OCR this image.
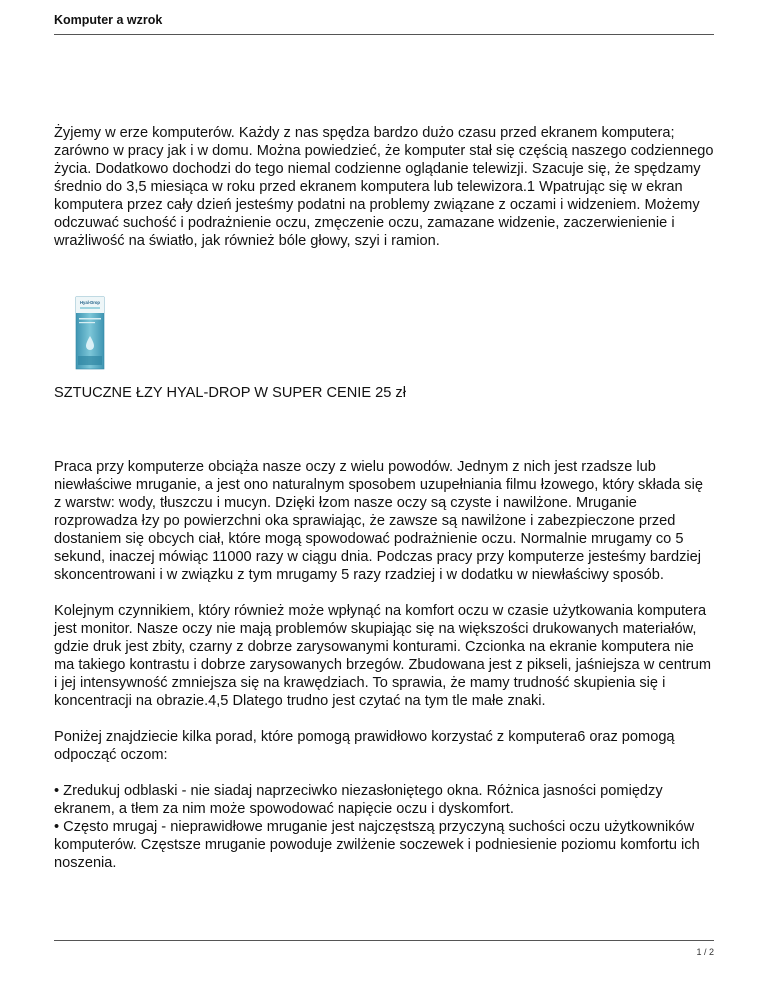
Komputer a wzrok

Żyjemy w erze komputerów. Każdy z nas spędza bardzo dużo czasu przed ekranem komputera; zarówno w pracy jak i w domu. Można powiedzieć, że komputer stał się częścią naszego codziennego życia. Dodatkowo dochodzi do tego niemal codzienne oglądanie telewizji. Szacuje się, że spędzamy średnio do 3,5 miesiąca w roku przed ekranem komputera lub telewizora.1 Wpatrując się w ekran komputera przez cały dzień jesteśmy podatni na problemy związane z oczami i widzeniem. Możemy odczuwać suchość i podrażnienie oczu, zmęczenie oczu, zamazane widzenie, zaczerwienienie i wrażliwość na światło, jak również bóle głowy, szyi i ramion.

Hyal-Drop

SZTUCZNE ŁZY HYAL-DROP W SUPER CENIE 25 zł

Praca przy komputerze obciąża nasze oczy z wielu powodów. Jednym z nich jest rzadsze lub niewłaściwe mruganie, a jest ono naturalnym sposobem uzupełniania filmu łzowego, który składa się z warstw: wody, tłuszczu i mucyn. Dzięki łzom nasze oczy są czyste i nawilżone. Mruganie rozprowadza łzy po powierzchni oka sprawiając, że zawsze są nawilżone i zabezpieczone przed dostaniem się obcych ciał, które mogą spowodować podrażnienie oczu. Normalnie mrugamy co 5 sekund, inaczej mówiąc 11000 razy w ciągu dnia. Podczas pracy przy komputerze jesteśmy bardziej skoncentrowani i w związku z tym mrugamy 5 razy rzadziej i w dodatku w niewłaściwy sposób.

Kolejnym czynnikiem, który również może wpłynąć na komfort oczu w czasie użytkowania komputera jest monitor. Nasze oczy nie mają problemów skupiając się na większości drukowanych materiałów, gdzie druk jest zbity, czarny z dobrze zarysowanymi konturami. Czcionka na ekranie komputera nie ma takiego kontrastu i dobrze zarysowanych brzegów. Zbudowana jest z pikseli, jaśniejsza w centrum i jej intensywność zmniejsza się na krawędziach. To sprawia, że mamy trudność skupienia się i koncentracji na obrazie.4,5 Dlatego trudno jest czytać na tym tle małe znaki.

Poniżej znajdziecie kilka porad, które pomogą prawidłowo korzystać z komputera6 oraz pomogą odpocząć oczom:

• Zredukuj odblaski - nie siadaj naprzeciwko niezasłoniętego okna. Różnica jasności pomiędzy ekranem, a tłem za nim może spowodować napięcie oczu i dyskomfort.

• Często mrugaj - nieprawidłowe mruganie jest najczęstszą przyczyną suchości oczu użytkowników komputerów. Częstsze mruganie powoduje zwilżenie soczewek i podniesienie poziomu komfortu ich noszenia.

1 / 2
